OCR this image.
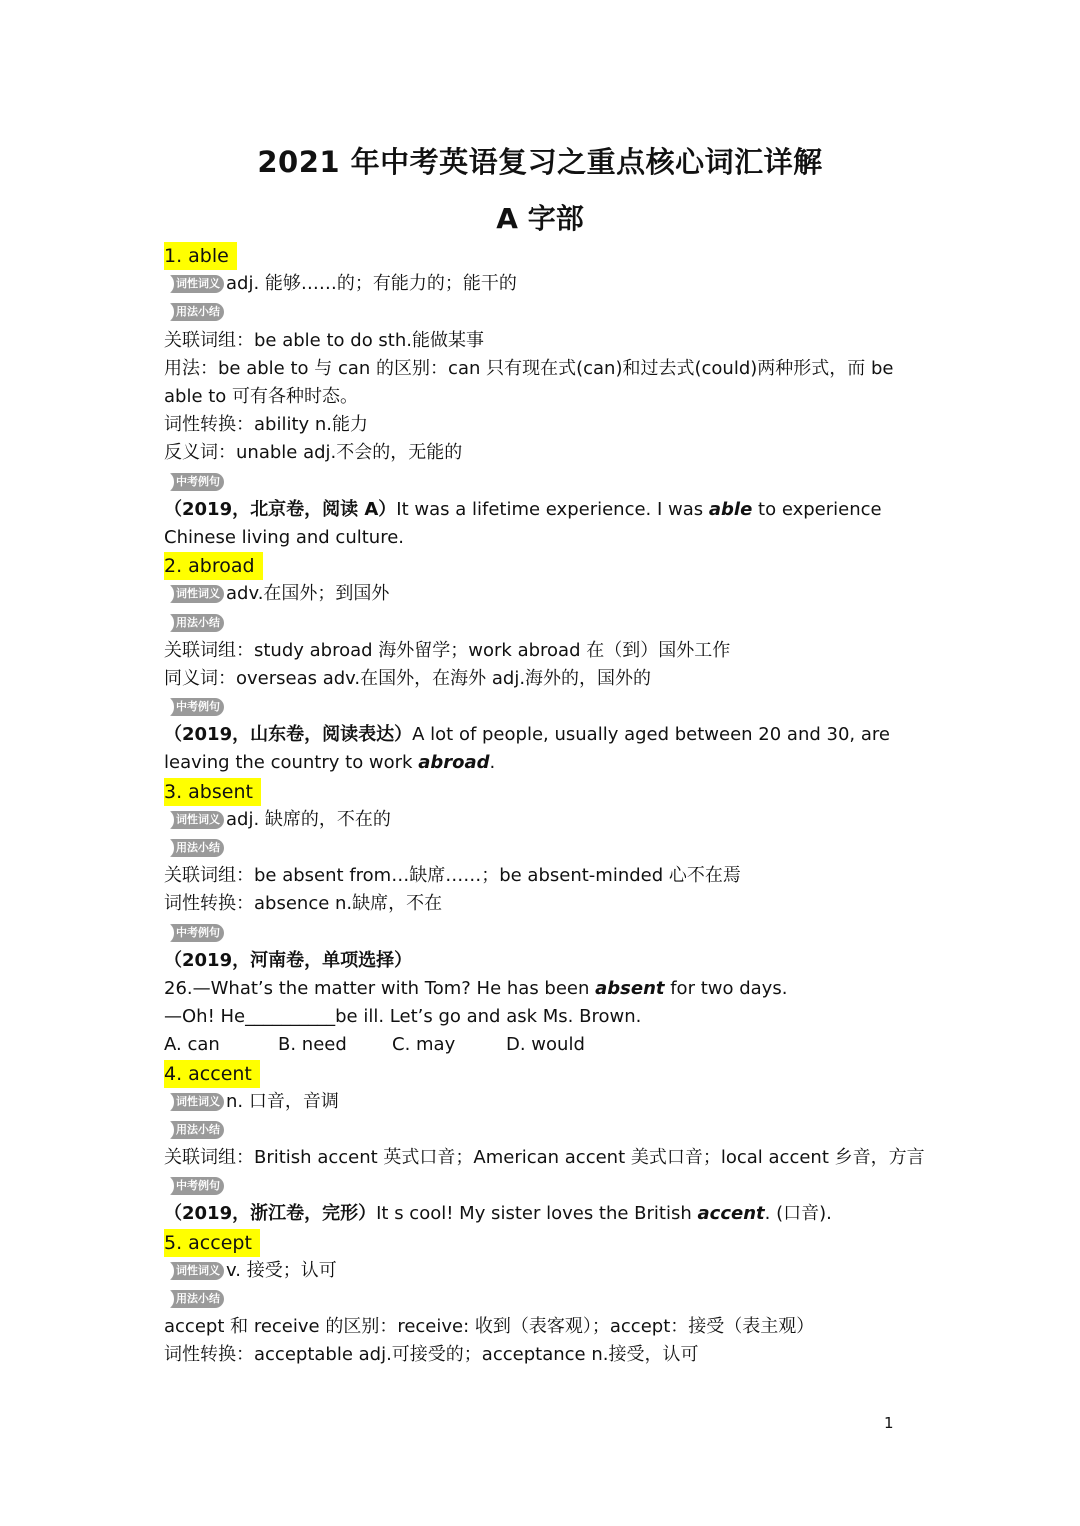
2021 年中考英语复习之重点核心词汇详解
A 字部
1. able
词性词义 adj. 能够……的；有能力的；能干的
用法小结
关联词组：be able to do sth.能做某事
用法：be able to 与 can 的区别：can 只有现在式(can)和过去式(could)两种形式，而 be able to 可有各种时态。
词性转换：ability n.能力
反义词：unable adj.不会的，无能的
中考例句
（2019，北京卷，阅读 A）It was a lifetime experience. I was able to experience Chinese living and culture.
2. abroad
词性词义 adv.在国外；到国外
用法小结
关联词组：study abroad 海外留学；work abroad 在（到）国外工作
同义词：overseas adv.在国外，在海外 adj.海外的，国外的
中考例句
（2019，山东卷，阅读表达）A lot of people, usually aged between 20 and 30, are leaving the country to work abroad.
3. absent
词性词义 adj. 缺席的，不在的
用法小结
关联词组：be absent from…缺席……；be absent-minded 心不在焉
词性转换：absence n.缺席，不在
中考例句
（2019，河南卷，单项选择）
26.—What’s the matter with Tom? He has been absent for two days.
—Oh! He__________be ill. Let’s go and ask Ms. Brown.
A. can	B. need	C. may	D. would
4. accent
词性词义 n. 口音，音调
用法小结
关联词组：British accent 英式口音；American accent 美式口音；local accent 乡音，方言
中考例句
（2019，浙江卷，完形）It s cool! My sister loves the British accent. (口音).
5. accept
词性词义 v. 接受；认可
用法小结
accept 和 receive 的区别：receive: 收到（表客观）；accept：接受（表主观）
词性转换：acceptable adj.可接受的；acceptance n.接受，认可
1
